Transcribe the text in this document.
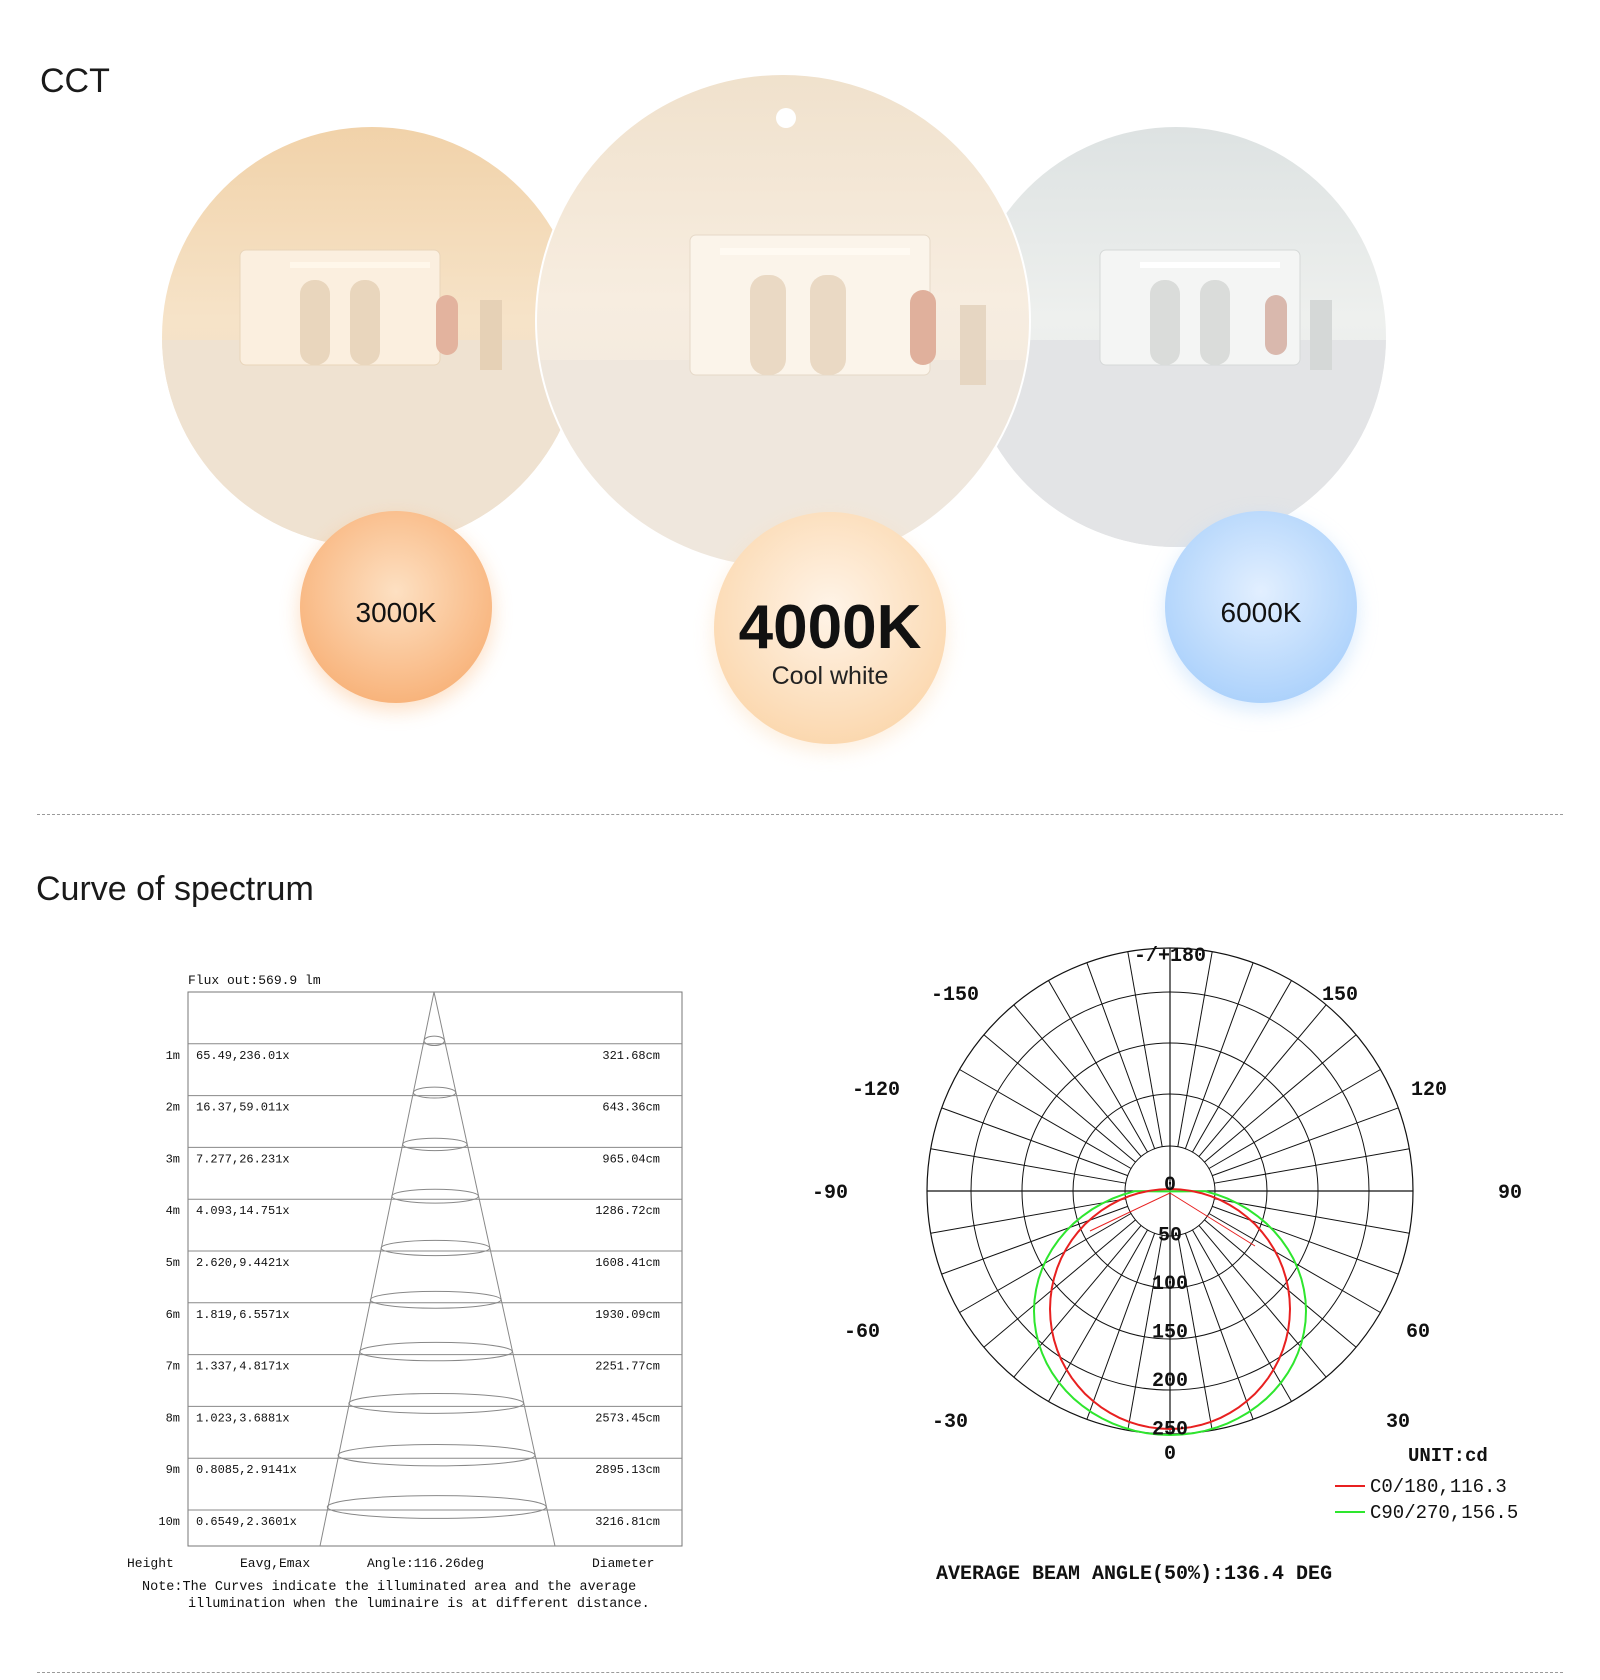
CCT
3000K	4000K
Cool white
6000K
Curve of spectrum
Flux out:569.9 lm
1m 65.49,236.01x	321.68cm
2m 16.37,59.011x	643.36cm
3m 7.277,26.231x	965.04cm
4m 4.093,14.751x	1286.72cm
5m 2.620,9.4421x	1608.41cm
6m 1.819,6.5571x	1930.09cm
7m 1.337,4.8171x	2251.77cm
8m 1.023,3.6881x	2573.45cm
9m 0.8085,2.9141x	2895.13cm
10m 0.6549,2.3601x	3216.81cm
Height	Eavg,Emax	Angle:116.26deg	Diameter
Note:The Curves indicate the illuminated area and the average
illumination when the luminaire is at different distance.
-/+180
-150	150
-120	120
-90	90
-60	60
-30	30
0
0
50
100
150
200
250
UNIT:cd
C0/180,116.3
C90/270,156.5
AVERAGE BEAM ANGLE(50%):136.4 DEG
